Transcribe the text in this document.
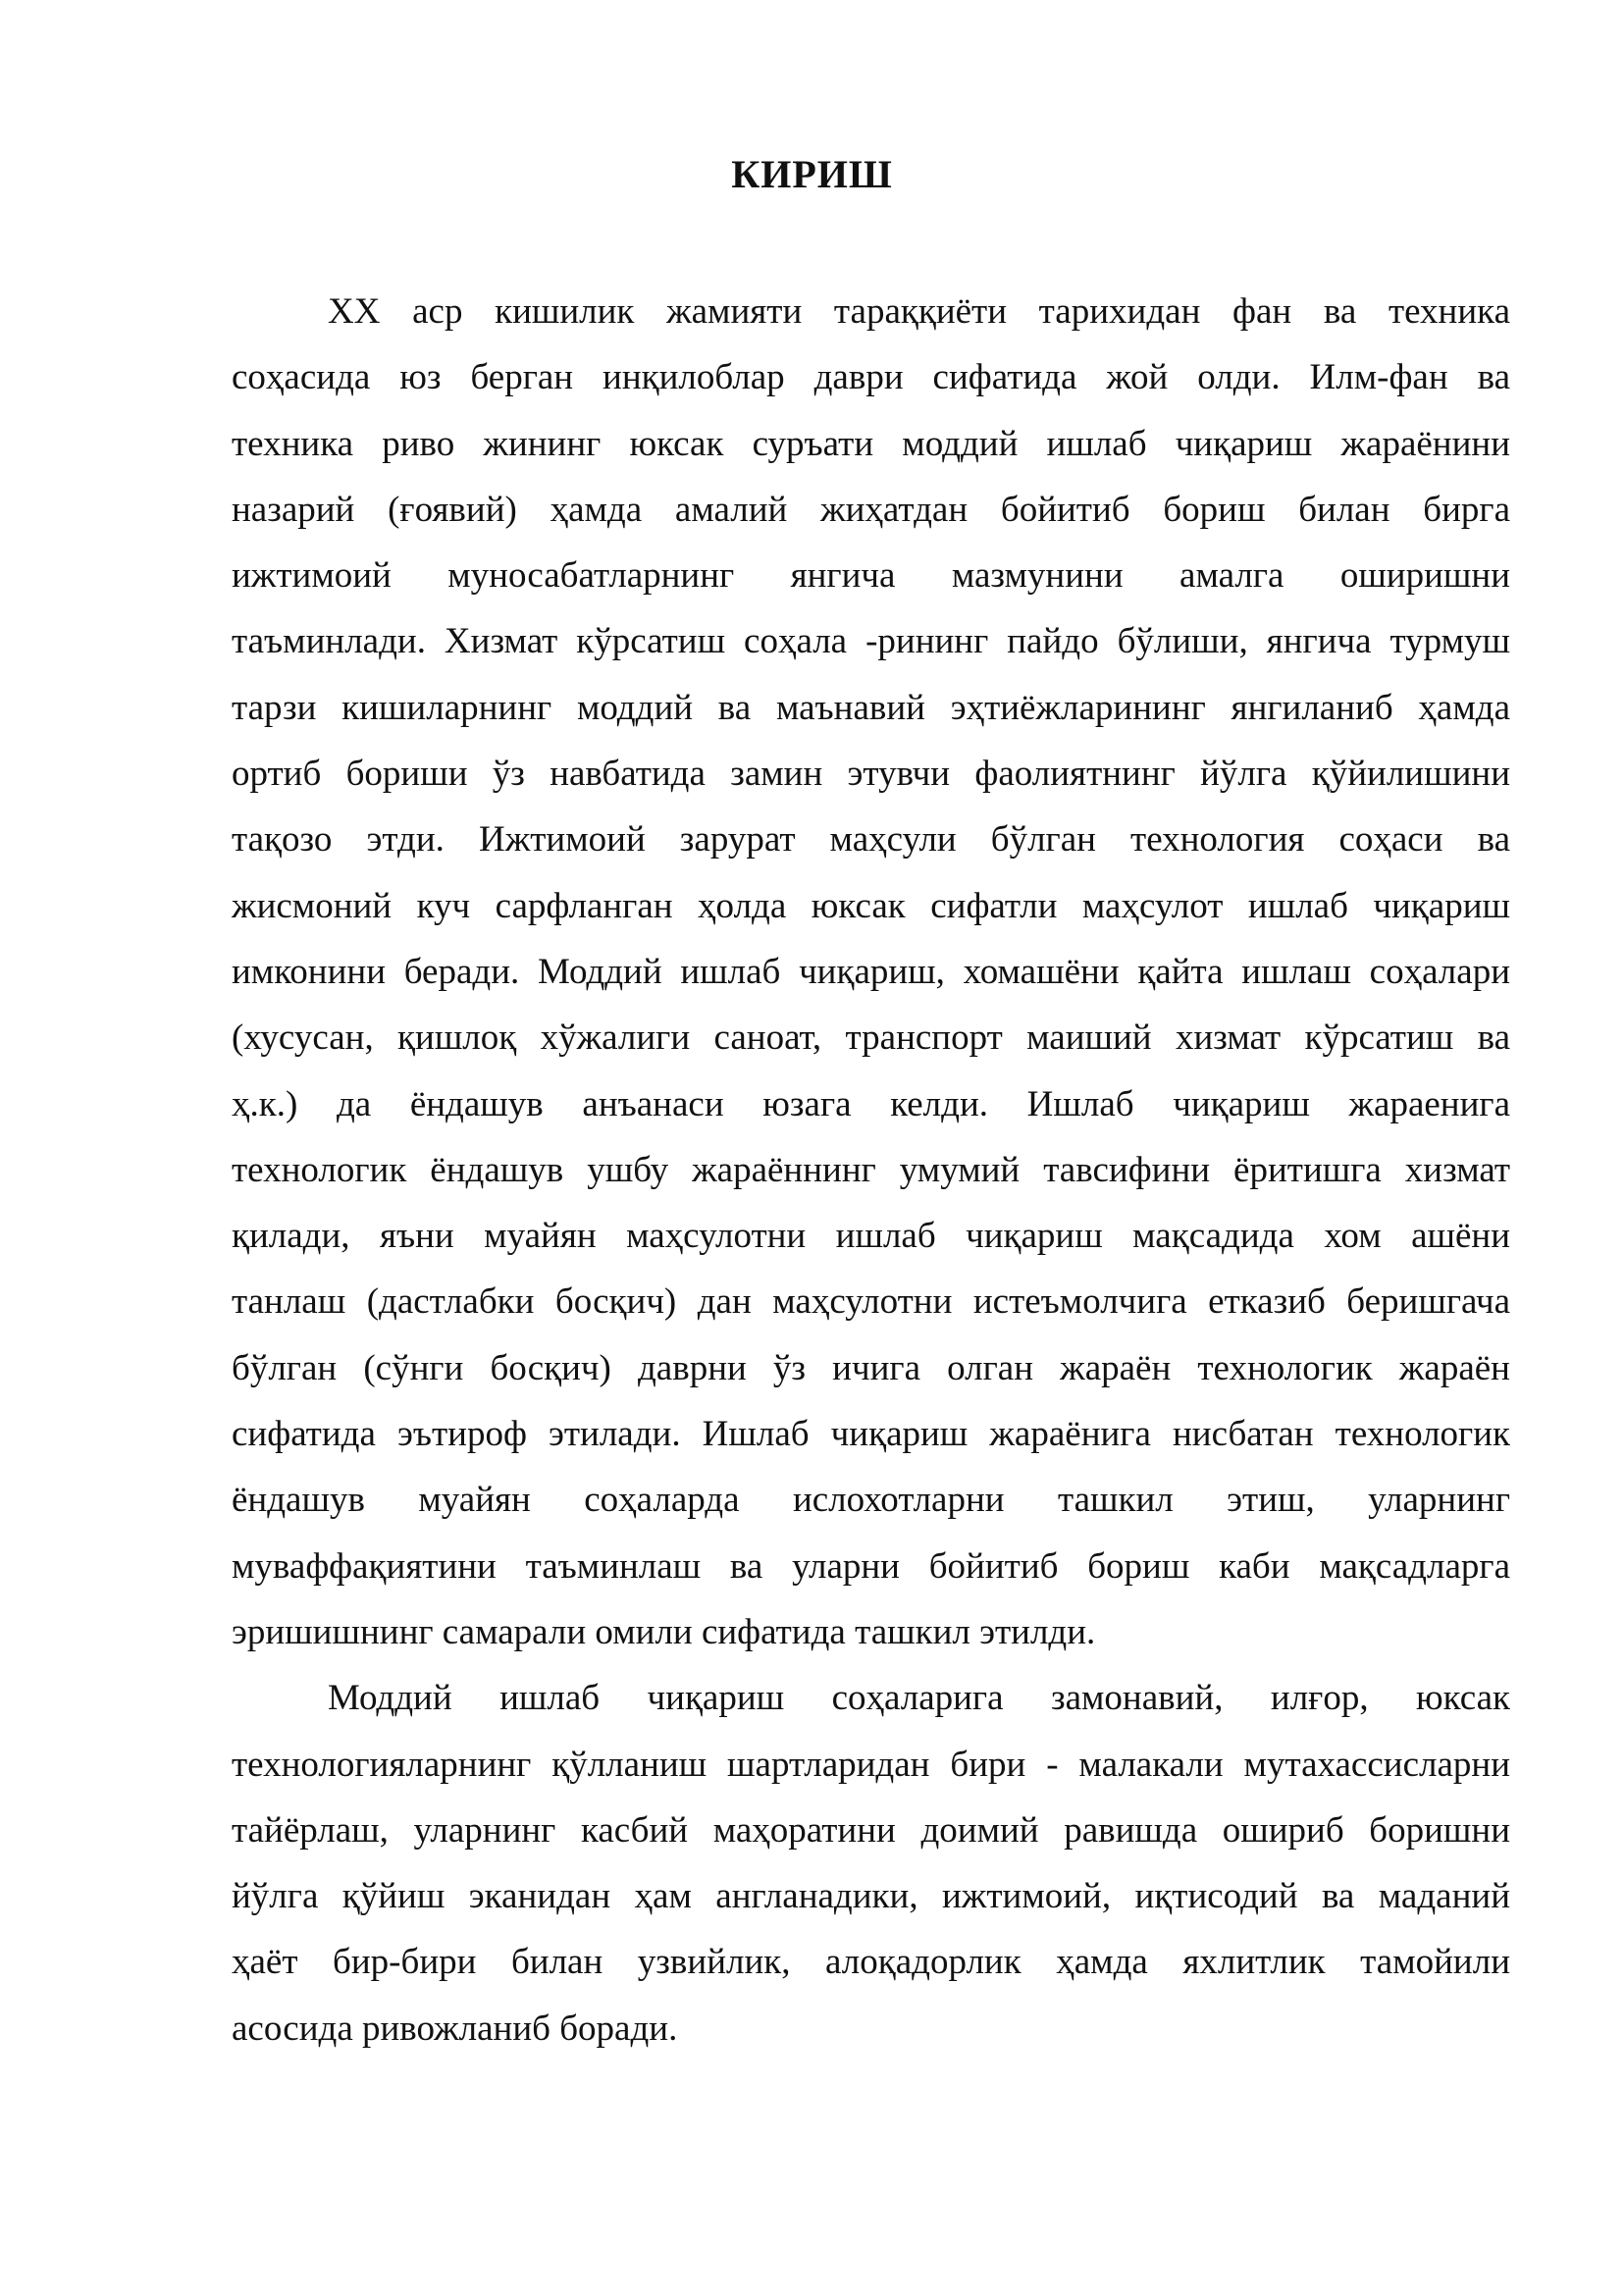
КИРИШ
XX аср кишилик жамияти тараққиёти тарихидан фан ва техника
соҳасида юз берган инқилоблар даври сифатида жой олди. Илм-фан ва
техника риво жининг юксак суръати моддий ишлаб чиқариш жараёнини
назарий (ғоявий) ҳамда амалий жиҳатдан бойитиб бориш билан бирга
ижтимоий муносабатларнинг янгича мазмунини амалга оширишни
таъминлади. Хизмат кўрсатиш соҳала -рининг пайдо бўлиши, янгича турмуш
тарзи кишиларнинг моддий ва маънавий эҳтиёжларининг янгиланиб ҳамда
ортиб бориши ўз навбатида замин этувчи фаолиятнинг йўлга қўйилишини
тақозо этди. Ижтимоий зарурат маҳсули бўлган технология соҳаси ва
жисмоний куч сарфланган ҳолда юксак сифатли маҳсулот ишлаб чиқариш
имконини беради. Моддий ишлаб чиқариш, хомашёни қайта ишлаш соҳалари
(хусусан, қишлоқ хўжалиги саноат, транспорт маиший хизмат кўрсатиш ва
ҳ.к.) да ёндашув анъанаси юзага келди. Ишлаб чиқариш жараенига
технологик ёндашув ушбу жараённинг умумий тавсифини ёритишга хизмат
қилади, яъни муайян маҳсулотни ишлаб чиқариш мақсадида хом ашёни
танлаш (дастлабки босқич) дан маҳсулотни истеъмолчига етказиб беришгача
бўлган (сўнги босқич) даврни ўз ичига олган жараён технологик жараён
сифатида эътироф этилади. Ишлаб чиқариш жараёнига нисбатан технологик
ёндашув муайян соҳаларда ислохотларни ташкил этиш, уларнинг
муваффақиятини таъминлаш ва уларни бойитиб бориш каби мақсадларга
эришишнинг самарали омили сифатида ташкил этилди.
Моддий ишлаб чиқариш соҳаларига замонавий, илғор, юксак
технологияларнинг қўлланиш шартларидан бири - малакали мутахассисларни
тайёрлаш, уларнинг касбий маҳоратини доимий равишда ошириб боришни
йўлга қўйиш эканидан ҳам англанадики, ижтимоий, иқтисодий ва маданий
ҳаёт бир-бири билан узвийлик, алоқадорлик ҳамда яхлитлик тамойили
асосида ривожланиб боради.
